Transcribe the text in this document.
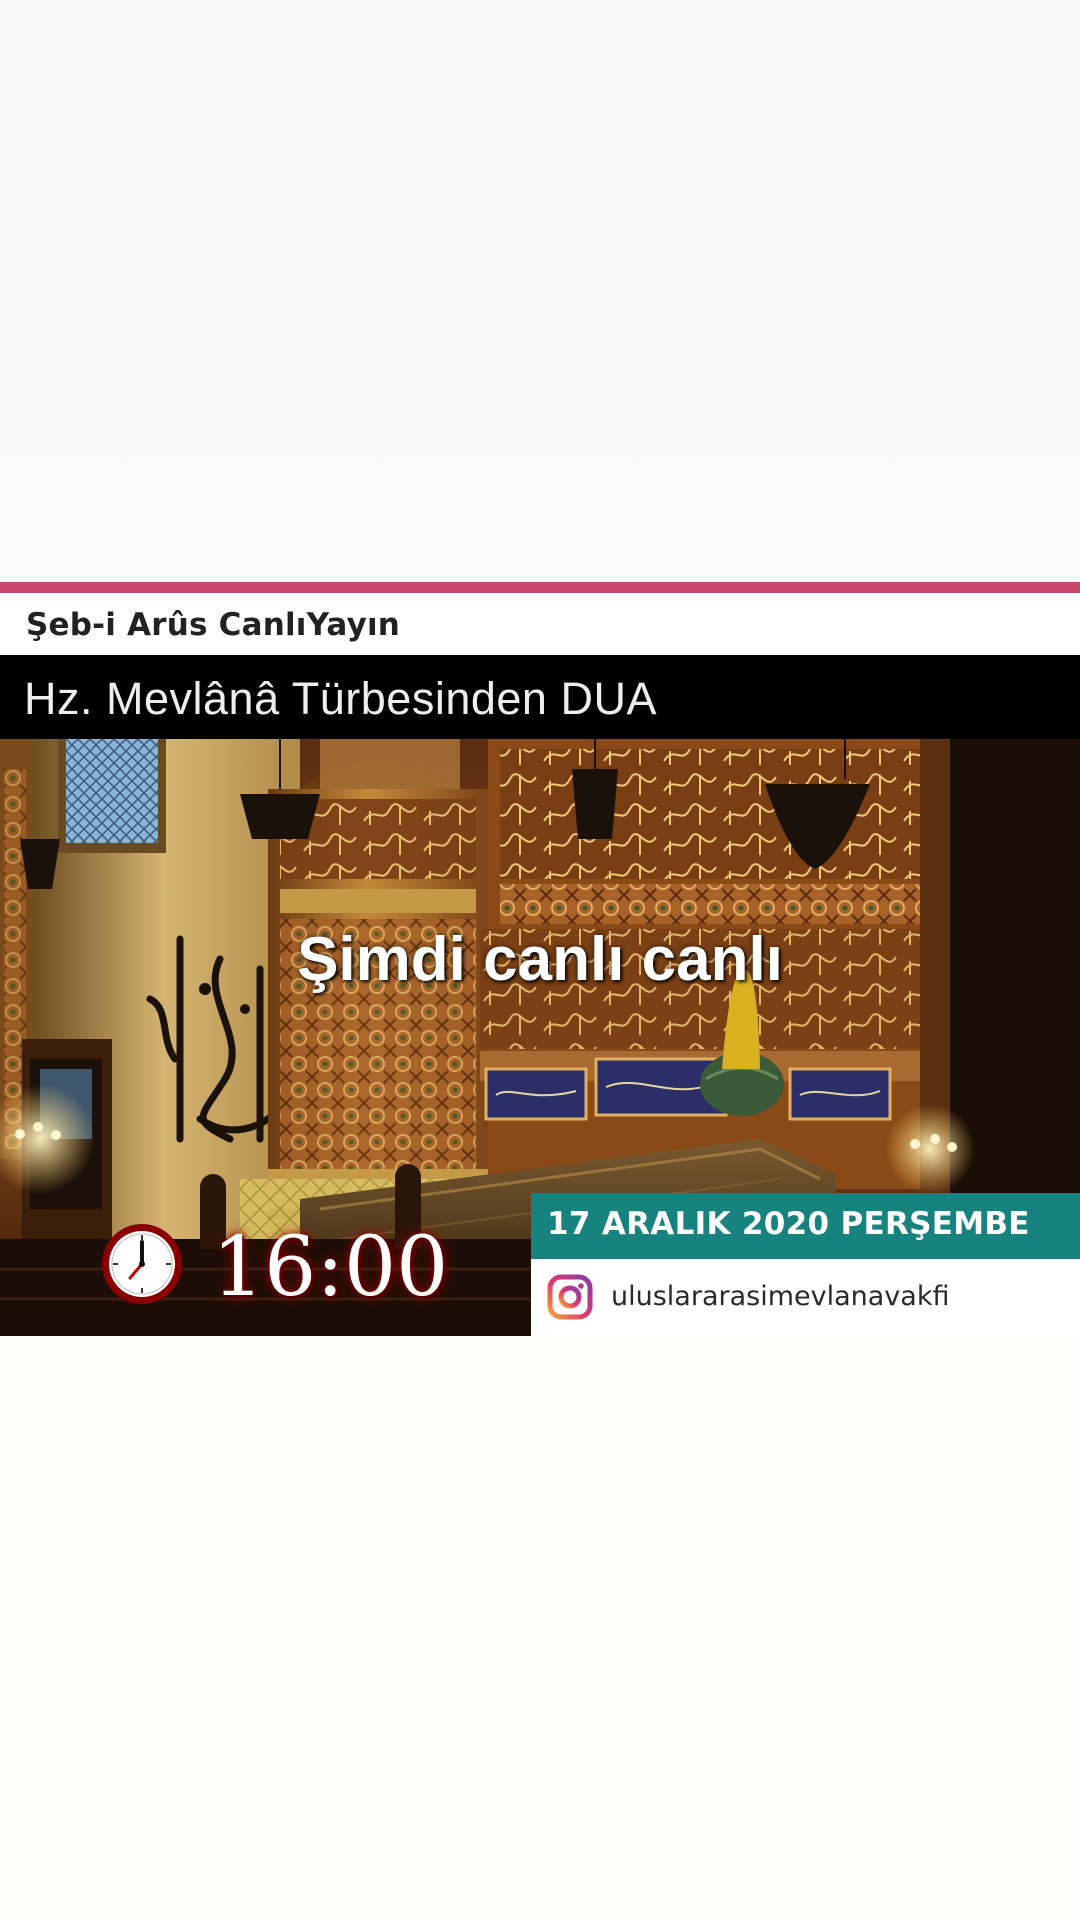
Şeb-i Arûs CanlıYayın
Hz. Mevlânâ Türbesinden DUA
Şimdi canlı canlı
16:00	17 ARALIK 2020 PERŞEMBE
uluslararasimevlanavakfi
